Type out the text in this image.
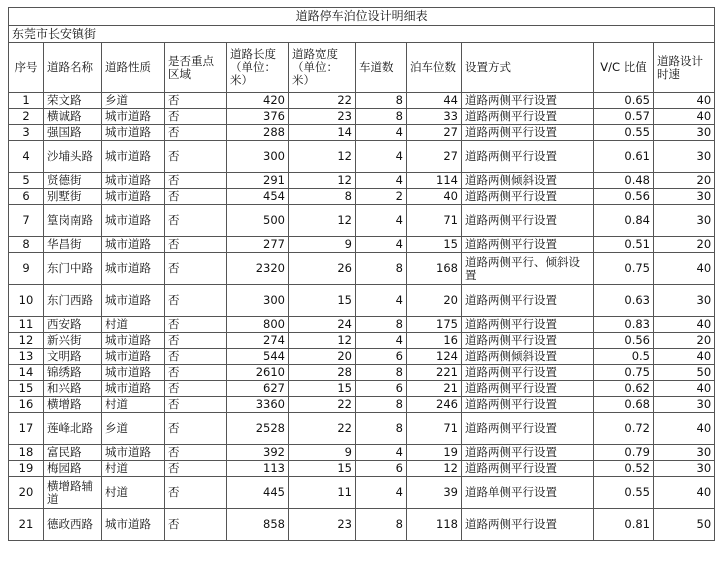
道路停车泊位设计明细表										
东莞市长安镇街										
序号	道路名称	道路性质	是否重点区域	道路长度（单位：米）	道路宽度（单位：米）	车道数	泊车位数	设置方式	V/C 比值	道路设计时速
1	荣文路	乡道	否	420	22	8	44	道路两侧平行设置	0.65	40
2	横诚路	城市道路	否	376	23	8	33	道路两侧平行设置	0.57	40
3	强国路	城市道路	否	288	14	4	27	道路两侧平行设置	0.55	30
4	沙埔头路	城市道路	否	300	12	4	27	道路两侧平行设置	0.61	30
5	贤德街	城市道路	否	291	12	4	114	道路两侧倾斜设置	0.48	20
6	别墅街	城市道路	否	454	8	2	40	道路两侧平行设置	0.56	30
7	篁岗南路	城市道路	否	500	12	4	71	道路两侧平行设置	0.84	30
8	华昌街	城市道路	否	277	9	4	15	道路两侧平行设置	0.51	20
9	东门中路	城市道路	否	2320	26	8	168	道路两侧平行、倾斜设置	0.75	40
10	东门西路	城市道路	否	300	15	4	20	道路两侧平行设置	0.63	30
11	西安路	村道	否	800	24	8	175	道路两侧平行设置	0.83	40
12	新兴街	城市道路	否	274	12	4	16	道路两侧平行设置	0.56	20
13	文明路	城市道路	否	544	20	6	124	道路两侧倾斜设置	0.5	40
14	锦绣路	城市道路	否	2610	28	8	221	道路两侧平行设置	0.75	50
15	和兴路	城市道路	否	627	15	6	21	道路两侧平行设置	0.62	40
16	横增路	村道	否	3360	22	8	246	道路两侧平行设置	0.68	30
17	莲峰北路	乡道	否	2528	22	8	71	道路两侧平行设置	0.72	40
18	富民路	城市道路	否	392	9	4	19	道路两侧平行设置	0.79	30
19	梅园路	村道	否	113	15	6	12	道路两侧平行设置	0.52	30
20	横增路辅道	村道	否	445	11	4	39	道路单侧平行设置	0.55	40
21	德政西路	城市道路	否	858	23	8	118	道路两侧平行设置	0.81	50
